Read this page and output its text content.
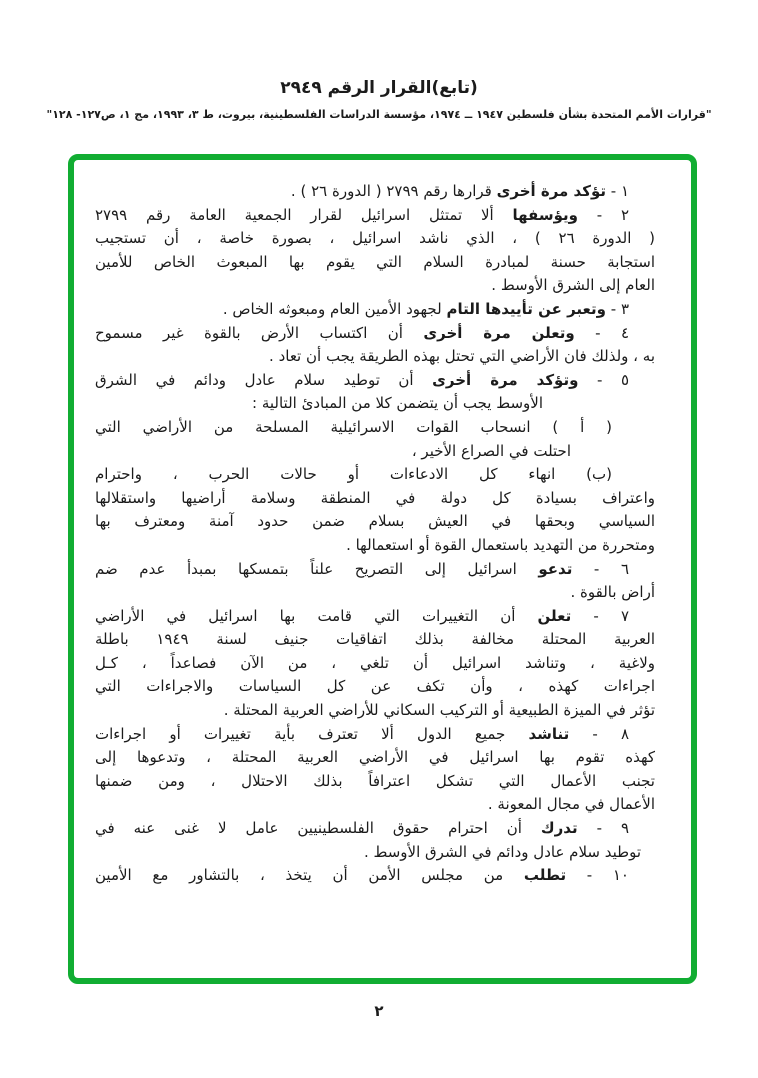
(تابع)القرار الرقم ٢٩٤٩
"قرارات الأمم المتحدة بشأن فلسطين ١٩٤٧ ــ ١٩٧٤، مؤسسة الدراسات الفلسطينية، بيروت، ط ٣، ١٩٩٣، مج ١، ص١٢٧- ١٢٨"
١ - تؤكد مرة أخرى قرارها رقم ٢٧٩٩ ( الدورة ٢٦ ) .
٢ - ويؤسفها ألا تمتثل اسرائيل لقرار الجمعية العامة رقم ٢٧٩٩
( الدورة ٢٦ ) ، الذي ناشد اسرائيل ، بصورة خاصة ، أن تستجيب
استجابة حسنة لمبادرة السلام التي يقوم بها المبعوث الخاص للأمين
العام إلى الشرق الأوسط .
٣ - وتعبر عن تأييدها التام لجهود الأمين العام ومبعوثه الخاص .
٤ - وتعلن مرة أخرى أن اكتساب الأرض بالقوة غير مسموح
به ، ولذلك فان الأراضي التي تحتل بهذه الطريقة يجب أن تعاد .
٥ - وتؤكد مرة أخرى أن توطيد سلام عادل ودائم في الشرق
الأوسط يجب أن يتضمن كلا من المبادئ التالية :
( أ ) انسحاب القوات الاسرائيلية المسلحة من الأراضي التي
احتلت في الصراع الأخير ،
(ب) انهاء كل الادعاءات أو حالات الحرب ، واحترام
واعتراف بسيادة كل دولة في المنطقة وسلامة أراضيها واستقلالها
السياسي وبحقها في العيش بسلام ضمن حدود آمنة ومعترف بها
ومتحررة من التهديد باستعمال القوة أو استعمالها .
٦ - تدعو اسرائيل إلى التصريح علناً بتمسكها بمبدأ عدم ضم
أراض بالقوة .
٧ - تعلن أن التغييرات التي قامت بها اسرائيل في الأراضي
العربية المحتلة مخالفة بذلك اتفاقيات جنيف لسنة ١٩٤٩ باطلة
ولاغية ، وتناشد اسرائيل أن تلغي ، من الآن فصاعداً ، كـل
اجراءات كهذه ، وأن تكف عن كل السياسات والاجراءات التي
تؤثر في الميزة الطبيعية أو التركيب السكاني للأراضي العربية المحتلة .
٨ - تناشد جميع الدول ألا تعترف بأية تغييرات أو اجراءات
كهذه تقوم بها اسرائيل في الأراضي العربية المحتلة ، وتدعوها إلى
تجنب الأعمال التي تشكل اعترافاً بذلك الاحتلال ، ومن ضمنها
الأعمال في مجال المعونة .
٩ - تدرك أن احترام حقوق الفلسطينيين عامل لا غنى عنه في
توطيد سلام عادل ودائم في الشرق الأوسط .
١٠ - تطلب من مجلس الأمن أن يتخذ ، بالتشاور مع الأمين
٢
